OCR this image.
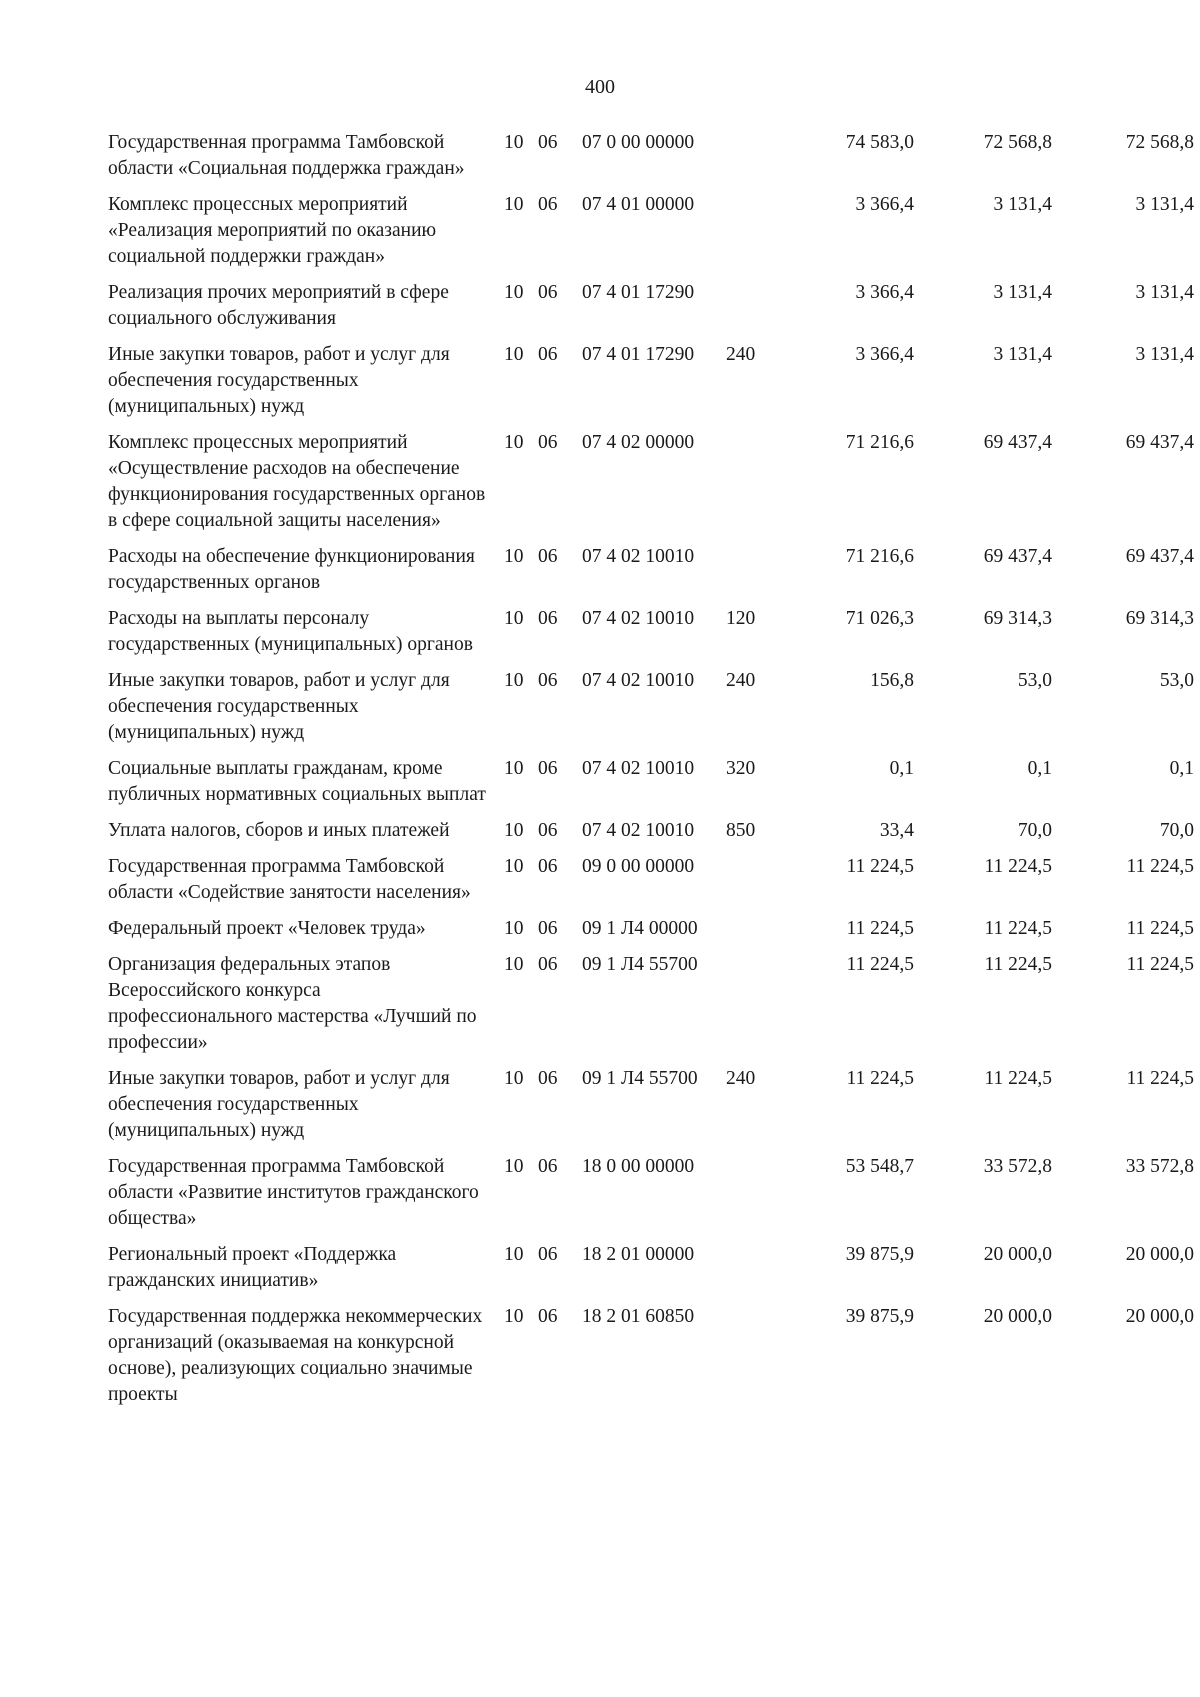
400
Государственная программа Тамбовской области «Социальная поддержка граждан»	10	06	07 0 00 00000		74 583,0	72 568,8	72 568,8
Комплекс процессных мероприятий «Реализация мероприятий по оказанию социальной поддержки граждан»	10	06	07 4 01 00000		3 366,4	3 131,4	3 131,4
Реализация прочих мероприятий в сфере социального обслуживания	10	06	07 4 01 17290		3 366,4	3 131,4	3 131,4
Иные закупки товаров, работ и услуг для обеспечения государственных (муниципальных) нужд	10	06	07 4 01 17290	240	3 366,4	3 131,4	3 131,4
Комплекс процессных мероприятий «Осуществление расходов на обеспечение функционирования государственных органов в сфере социальной защиты населения»	10	06	07 4 02 00000		71 216,6	69 437,4	69 437,4
Расходы на обеспечение функционирования государственных органов	10	06	07 4 02 10010		71 216,6	69 437,4	69 437,4
Расходы на выплаты персоналу государственных (муниципальных) органов	10	06	07 4 02 10010	120	71 026,3	69 314,3	69 314,3
Иные закупки товаров, работ и услуг для обеспечения государственных (муниципальных) нужд	10	06	07 4 02 10010	240	156,8	53,0	53,0
Социальные выплаты гражданам, кроме публичных нормативных социальных выплат	10	06	07 4 02 10010	320	0,1	0,1	0,1
Уплата налогов, сборов и иных платежей	10	06	07 4 02 10010	850	33,4	70,0	70,0
Государственная программа Тамбовской области «Содействие занятости населения»	10	06	09 0 00 00000		11 224,5	11 224,5	11 224,5
Федеральный проект «Человек труда»	10	06	09 1 Л4 00000		11 224,5	11 224,5	11 224,5
Организация федеральных этапов Всероссийского конкурса профессионального мастерства «Лучший по профессии»	10	06	09 1 Л4 55700		11 224,5	11 224,5	11 224,5
Иные закупки товаров, работ и услуг для обеспечения государственных (муниципальных) нужд	10	06	09 1 Л4 55700	240	11 224,5	11 224,5	11 224,5
Государственная программа Тамбовской области «Развитие институтов гражданского общества»	10	06	18 0 00 00000		53 548,7	33 572,8	33 572,8
Региональный проект «Поддержка гражданских инициатив»	10	06	18 2 01 00000		39 875,9	20 000,0	20 000,0
Государственная поддержка некоммерческих организаций (оказываемая на конкурсной основе), реализующих социально значимые проекты	10	06	18 2 01 60850		39 875,9	20 000,0	20 000,0
